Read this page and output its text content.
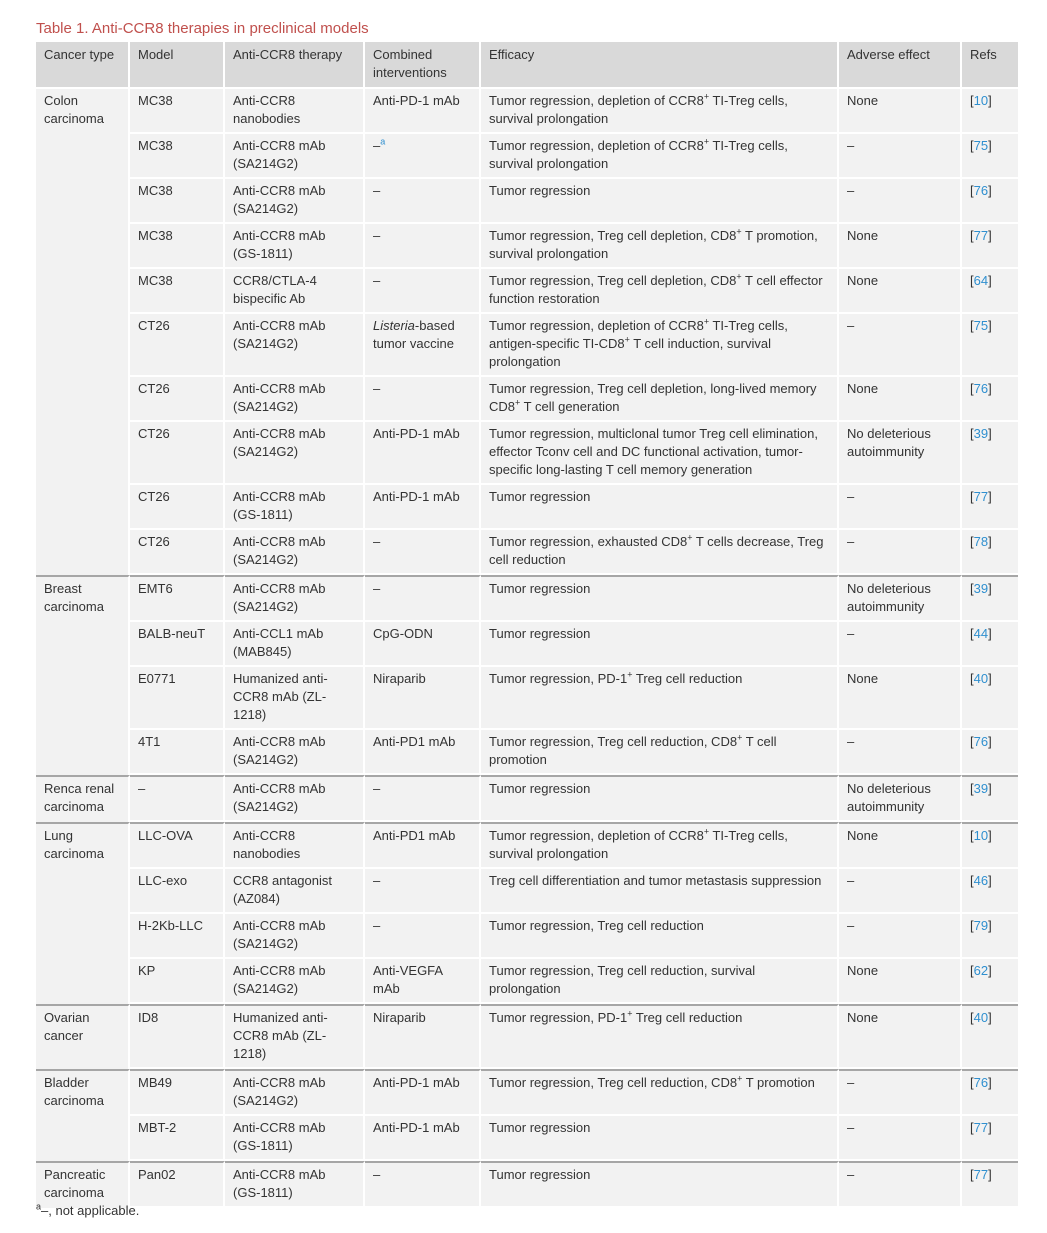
Table 1. Anti-CCR8 therapies in preclinical models
Cancer type	Model	Anti-CCR8 therapy	Combined interventions	Efficacy	Adverse effect	Refs
Colon carcinoma	MC38	Anti-CCR8 nanobodies	Anti-PD-1 mAb	Tumor regression, depletion of CCR8+ TI-Treg cells, survival prolongation	None	[10]
	MC38	Anti-CCR8 mAb (SA214G2)	–$^a$	Tumor regression, depletion of CCR8+ TI-Treg cells, survival prolongation	–	[75]
	MC38	Anti-CCR8 mAb (SA214G2)	–	Tumor regression	–	[76]
	MC38	Anti-CCR8 mAb (GS-1811)	–	Tumor regression, Treg cell depletion, CD8+ T promotion, survival prolongation	None	[77]
	MC38	CCR8/CTLA-4 bispecific Ab	–	Tumor regression, Treg cell depletion, CD8+ T cell effector function restoration	None	[64]
	CT26	Anti-CCR8 mAb (SA214G2)	Listeria-based tumor vaccine	Tumor regression, depletion of CCR8+ TI-Treg cells, antigen-specific TI-CD8+ T cell induction, survival prolongation	–	[75]
	CT26	Anti-CCR8 mAb (SA214G2)	–	Tumor regression, Treg cell depletion, long-lived memory CD8+ T cell generation	None	[76]
	CT26	Anti-CCR8 mAb (SA214G2)	Anti-PD-1 mAb	Tumor regression, multiclonal tumor Treg cell elimination, effector Tconv cell and DC functional activation, tumor-specific long-lasting T cell memory generation	No deleterious autoimmunity	[39]
	CT26	Anti-CCR8 mAb (GS-1811)	Anti-PD-1 mAb	Tumor regression	–	[77]
	CT26	Anti-CCR8 mAb (SA214G2)	–	Tumor regression, exhausted CD8+ T cells decrease, Treg cell reduction	–	[78]
Breast carcinoma	EMT6	Anti-CCR8 mAb (SA214G2)	–	Tumor regression	No deleterious autoimmunity	[39]
	BALB-neuT	Anti-CCL1 mAb (MAB845)	CpG-ODN	Tumor regression	–	[44]
	E0771	Humanized anti-CCR8 mAb (ZL-1218)	Niraparib	Tumor regression, PD-1+ Treg cell reduction	None	[40]
	4T1	Anti-CCR8 mAb (SA214G2)	Anti-PD1 mAb	Tumor regression, Treg cell reduction, CD8+ T cell promotion	–	[76]
Renca renal carcinoma	–	Anti-CCR8 mAb (SA214G2)	–	Tumor regression	No deleterious autoimmunity	[39]
Lung carcinoma	LLC-OVA	Anti-CCR8 nanobodies	Anti-PD1 mAb	Tumor regression, depletion of CCR8+ TI-Treg cells, survival prolongation	None	[10]
	LLC-exo	CCR8 antagonist (AZ084)	–	Treg cell differentiation and tumor metastasis suppression	–	[46]
	H-2Kb-LLC	Anti-CCR8 mAb (SA214G2)	–	Tumor regression, Treg cell reduction	–	[79]
	KP	Anti-CCR8 mAb (SA214G2)	Anti-VEGFA mAb	Tumor regression, Treg cell reduction, survival prolongation	None	[62]
Ovarian cancer	ID8	Humanized anti-CCR8 mAb (ZL-1218)	Niraparib	Tumor regression, PD-1+ Treg cell reduction	None	[40]
Bladder carcinoma	MB49	Anti-CCR8 mAb (SA214G2)	Anti-PD-1 mAb	Tumor regression, Treg cell reduction, CD8+ T promotion	–	[76]
	MBT-2	Anti-CCR8 mAb (GS-1811)	Anti-PD-1 mAb	Tumor regression	–	[77]
Pancreatic carcinoma	Pan02	Anti-CCR8 mAb (GS-1811)	–	Tumor regression	–	[77]
$^a$–, not applicable.
